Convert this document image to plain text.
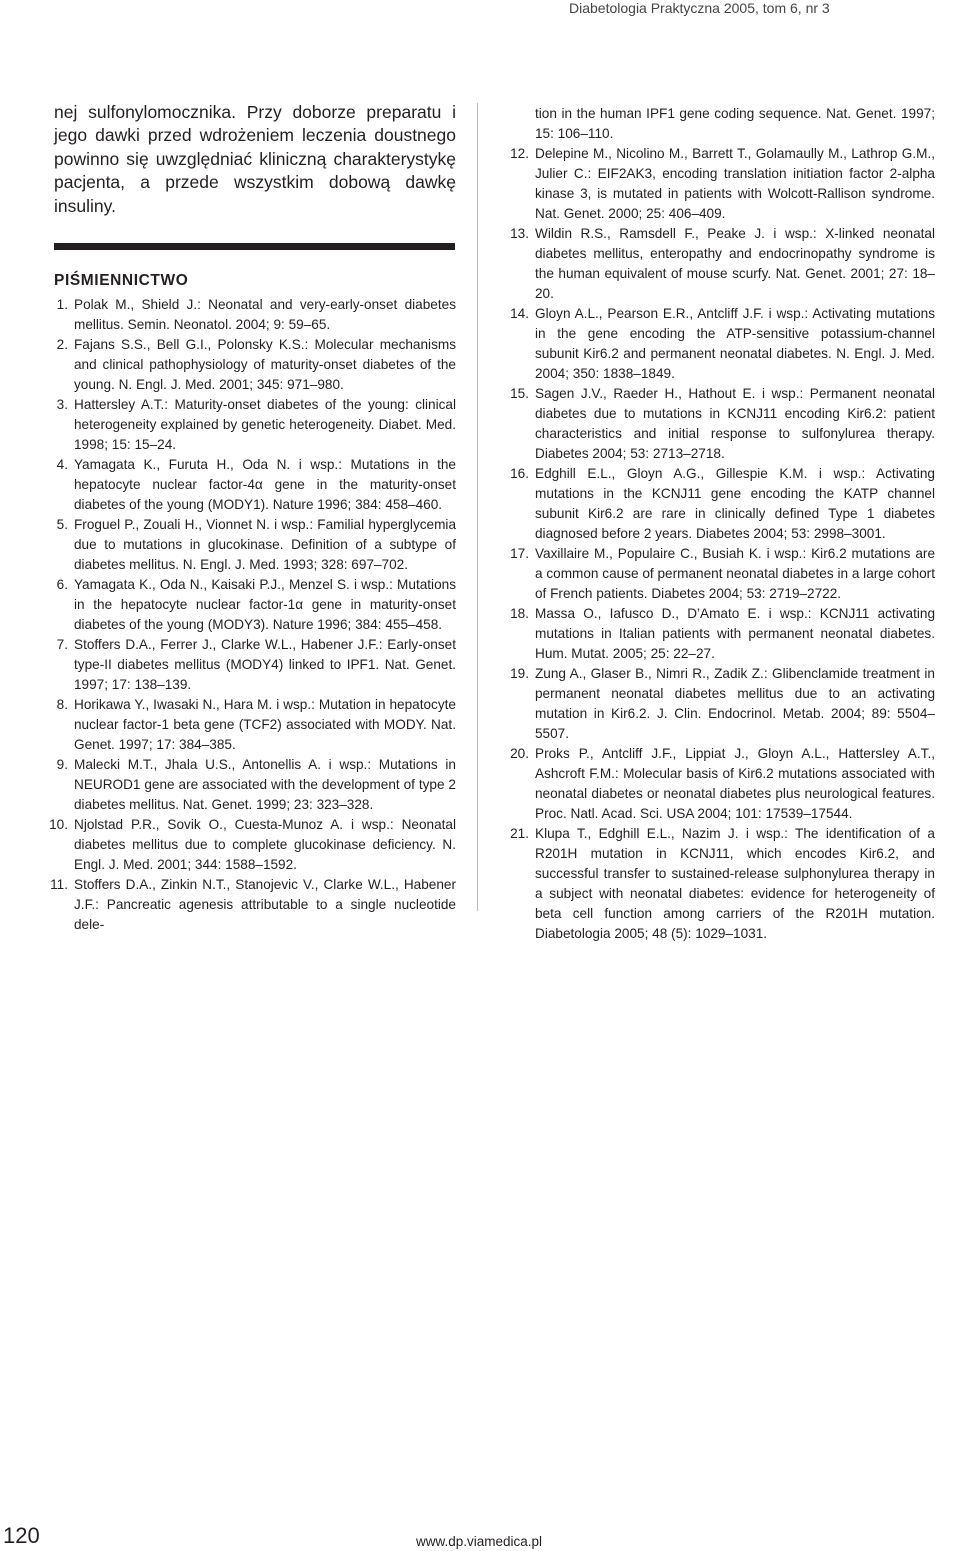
Diabetologia Praktyczna 2005, tom 6, nr 3

nej sulfonylomocznika. Przy doborze preparatu i jego dawki przed wdrożeniem leczenia doustnego powinno się uwzględniać kliniczną charakterystykę pacjenta, a przede wszystkim dobową dawkę insuliny.

PIŚMIENNICTWO
1. Polak M., Shield J.: Neonatal and very-early-onset diabetes mellitus. Semin. Neonatol. 2004; 9: 59–65.
2. Fajans S.S., Bell G.I., Polonsky K.S.: Molecular mechanisms and clinical pathophysiology of maturity-onset diabetes of the young. N. Engl. J. Med. 2001; 345: 971–980.
3. Hattersley A.T.: Maturity-onset diabetes of the young: clinical heterogeneity explained by genetic heterogeneity. Diabet. Med. 1998; 15: 15–24.
4. Yamagata K., Furuta H., Oda N. i wsp.: Mutations in the hepatocyte nuclear factor-4α gene in the maturity-onset diabetes of the young (MODY1). Nature 1996; 384: 458–460.
5. Froguel P., Zouali H., Vionnet N. i wsp.: Familial hyperglycemia due to mutations in glucokinase. Definition of a subtype of diabetes mellitus. N. Engl. J. Med. 1993; 328: 697–702.
6. Yamagata K., Oda N., Kaisaki P.J., Menzel S. i wsp.: Mutations in the hepatocyte nuclear factor-1α gene in maturity-onset diabetes of the young (MODY3). Nature 1996; 384: 455–458.
7. Stoffers D.A., Ferrer J., Clarke W.L., Habener J.F.: Early-onset type-II diabetes mellitus (MODY4) linked to IPF1. Nat. Genet. 1997; 17: 138–139.
8. Horikawa Y., Iwasaki N., Hara M. i wsp.: Mutation in hepatocyte nuclear factor-1 beta gene (TCF2) associated with MODY. Nat. Genet. 1997; 17: 384–385.
9. Malecki M.T., Jhala U.S., Antonellis A. i wsp.: Mutations in NEUROD1 gene are associated with the development of type 2 diabetes mellitus. Nat. Genet. 1999; 23: 323–328.
10. Njolstad P.R., Sovik O., Cuesta-Munoz A. i wsp.: Neonatal diabetes mellitus due to complete glucokinase deficiency. N. Engl. J. Med. 2001; 344: 1588–1592.
11. Stoffers D.A., Zinkin N.T., Stanojevic V., Clarke W.L., Habener J.F.: Pancreatic agenesis attributable to a single nucleotide dele-
tion in the human IPF1 gene coding sequence. Nat. Genet. 1997; 15: 106–110.
12. Delepine M., Nicolino M., Barrett T., Golamaully M., Lathrop G.M., Julier C.: EIF2AK3, encoding translation initiation factor 2-alpha kinase 3, is mutated in patients with Wolcott-Rallison syndrome. Nat. Genet. 2000; 25: 406–409.
13. Wildin R.S., Ramsdell F., Peake J. i wsp.: X-linked neonatal diabetes mellitus, enteropathy and endocrinopathy syndrome is the human equivalent of mouse scurfy. Nat. Genet. 2001; 27: 18–20.
14. Gloyn A.L., Pearson E.R., Antcliff J.F. i wsp.: Activating mutations in the gene encoding the ATP-sensitive potassium-channel subunit Kir6.2 and permanent neonatal diabetes. N. Engl. J. Med. 2004; 350: 1838–1849.
15. Sagen J.V., Raeder H., Hathout E. i wsp.: Permanent neonatal diabetes due to mutations in KCNJ11 encoding Kir6.2: patient characteristics and initial response to sulfonylurea therapy. Diabetes 2004; 53: 2713–2718.
16. Edghill E.L., Gloyn A.G., Gillespie K.M. i wsp.: Activating mutations in the KCNJ11 gene encoding the KATP channel subunit Kir6.2 are rare in clinically defined Type 1 diabetes diagnosed before 2 years. Diabetes 2004; 53: 2998–3001.
17. Vaxillaire M., Populaire C., Busiah K. i wsp.: Kir6.2 mutations are a common cause of permanent neonatal diabetes in a large cohort of French patients. Diabetes 2004; 53: 2719–2722.
18. Massa O., Iafusco D., D’Amato E. i wsp.: KCNJ11 activating mutations in Italian patients with permanent neonatal diabetes. Hum. Mutat. 2005; 25: 22–27.
19. Zung A., Glaser B., Nimri R., Zadik Z.: Glibenclamide treatment in permanent neonatal diabetes mellitus due to an activating mutation in Kir6.2. J. Clin. Endocrinol. Metab. 2004; 89: 5504–5507.
20. Proks P., Antcliff J.F., Lippiat J., Gloyn A.L., Hattersley A.T., Ashcroft F.M.: Molecular basis of Kir6.2 mutations associated with neonatal diabetes or neonatal diabetes plus neurological features. Proc. Natl. Acad. Sci. USA 2004; 101: 17539–17544.
21. Klupa T., Edghill E.L., Nazim J. i wsp.: The identification of a R201H mutation in KCNJ11, which encodes Kir6.2, and successful transfer to sustained-release sulphonylurea therapy in a subject with neonatal diabetes: evidence for heterogeneity of beta cell function among carriers of the R201H mutation. Diabetologia 2005; 48 (5): 1029–1031.
120	www.dp.viamedica.pl
